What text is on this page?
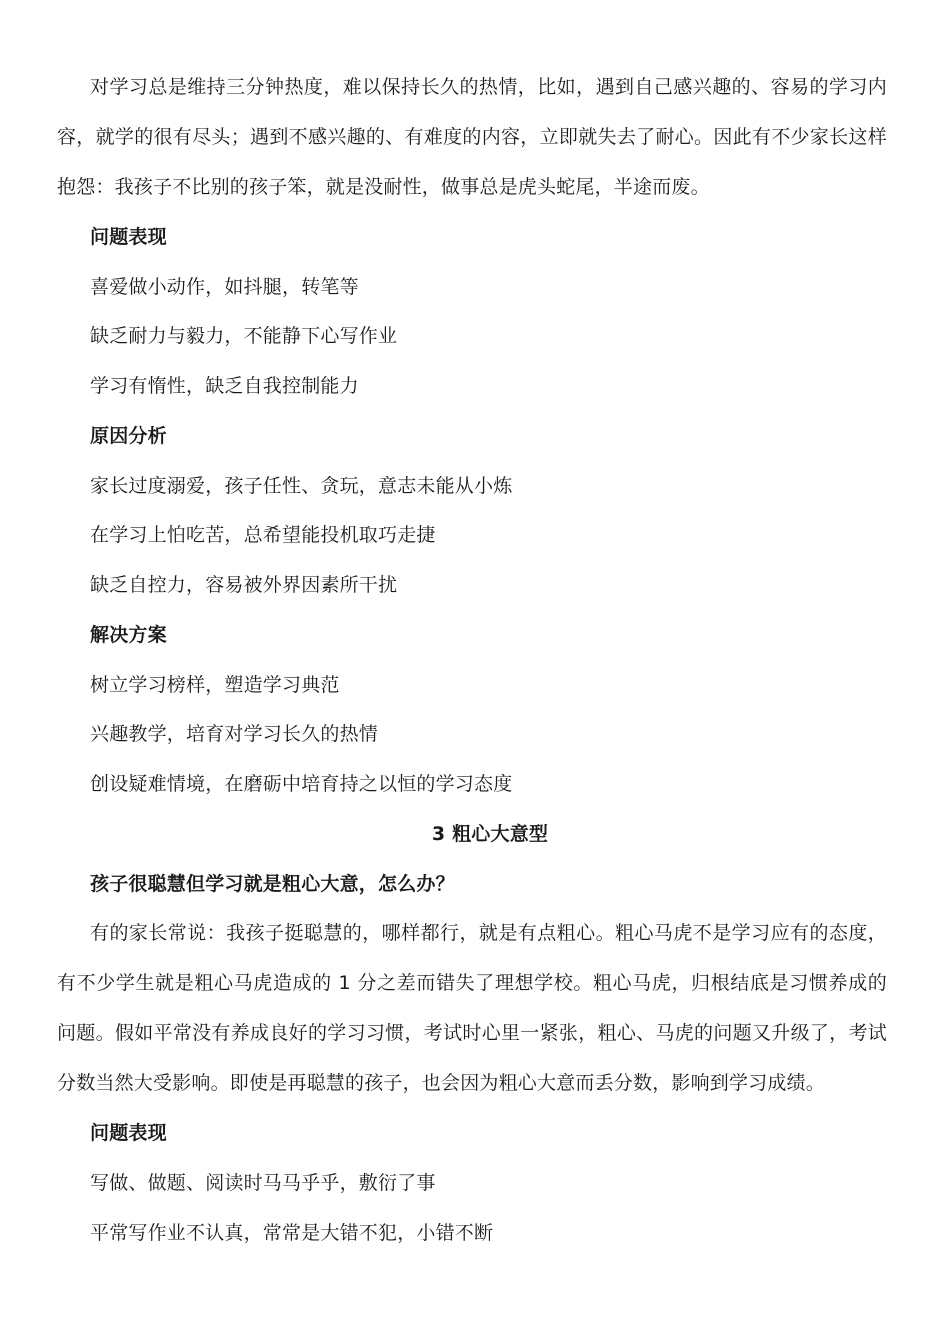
对学习总是维持三分钟热度，难以保持长久的热情，比如，遇到自己感兴趣的、容易的学习内容，就学的很有尽头；遇到不感兴趣的、有难度的内容，立即就失去了耐心。因此有不少家长这样抱怨：我孩子不比别的孩子笨，就是没耐性，做事总是虎头蛇尾，半途而废。
问题表现
喜爱做小动作，如抖腿，转笔等
缺乏耐力与毅力，不能静下心写作业
学习有惰性，缺乏自我控制能力
原因分析
家长过度溺爱，孩子任性、贪玩，意志未能从小炼
在学习上怕吃苦，总希望能投机取巧走捷
缺乏自控力，容易被外界因素所干扰
解决方案
树立学习榜样，塑造学习典范
兴趣教学，培育对学习长久的热情
创设疑难情境，在磨砺中培育持之以恒的学习态度
3 粗心大意型
孩子很聪慧但学习就是粗心大意，怎么办？
有的家长常说：我孩子挺聪慧的，哪样都行，就是有点粗心。粗心马虎不是学习应有的态度，有不少学生就是粗心马虎造成的 1 分之差而错失了理想学校。粗心马虎，归根结底是习惯养成的问题。假如平常没有养成良好的学习习惯，考试时心里一紧张，粗心、马虎的问题又升级了，考试分数当然大受影响。即使是再聪慧的孩子，也会因为粗心大意而丢分数，影响到学习成绩。
问题表现
写做、做题、阅读时马马乎乎，敷衍了事
平常写作业不认真，常常是大错不犯，小错不断
